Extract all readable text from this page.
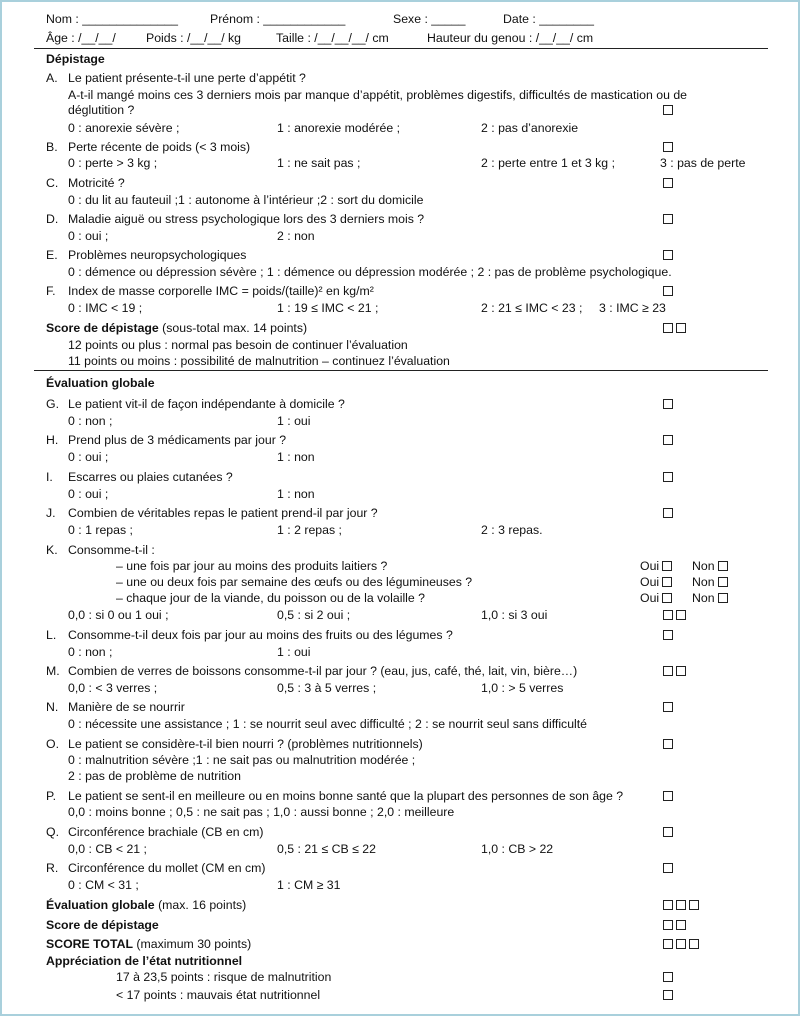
Nom : ______________	Prénom : ____________	Sexe : _____	Date : ________
Âge : /__/__/ Poids : /__/__/ kg	Taille : /__/__/__/ cm	Hauteur du genou : /__/__/ cm
Dépistage
A. Le patient présente-t-il une perte d’appétit ?
A-t-il mangé moins ces 3 derniers mois par manque d’appétit, problèmes digestifs, difficultés de mastication ou de
déglutition ?
0 : anorexie sévère ;	1 : anorexie modérée ;	2 : pas d’anorexie
B. Perte récente de poids (< 3 mois)
0 : perte > 3 kg ;	1 : ne sait pas ;	2 : perte entre 1 et 3 kg ;	3 : pas de perte
C. Motricité ?
0 : du lit au fauteuil ;1 : autonome à l’intérieur ;2 : sort du domicile
D. Maladie aiguë ou stress psychologique lors des 3 derniers mois ?
0 : oui ;	2 : non
E. Problèmes neuropsychologiques
0 : démence ou dépression sévère ; 1 : démence ou dépression modérée ; 2 : pas de problème psychologique.
F. Index de masse corporelle IMC = poids/(taille)² en kg/m²
0 : IMC < 19 ;	1 : 19 ≤ IMC < 21 ;	2 : 21 ≤ IMC < 23 ; 3 : IMC ≥ 23
Score de dépistage (sous-total max. 14 points)
12 points ou plus : normal pas besoin de continuer l’évaluation
11 points ou moins : possibilité de malnutrition – continuez l’évaluation
Évaluation globale
G. Le patient vit-il de façon indépendante à domicile ?
0 : non ;	1 : oui
H. Prend plus de 3 médicaments par jour ?
0 : oui ;	1 : non
I. Escarres ou plaies cutanées ?
0 : oui ;	1 : non
J. Combien de véritables repas le patient prend-il par jour ?
0 : 1 repas ;	1 : 2 repas ;	2 : 3 repas.
K. Consomme-t-il :
– une fois par jour au moins des produits laitiers ?	Oui	Non
– une ou deux fois par semaine des œufs ou des légumineuses ?	Oui	Non
– chaque jour de la viande, du poisson ou de la volaille ?	Oui	Non
0,0 : si 0 ou 1 oui ;	0,5 : si 2 oui ;	1,0 : si 3 oui
L. Consomme-t-il deux fois par jour au moins des fruits ou des légumes ?
0 : non ;	1 : oui
M. Combien de verres de boissons consomme-t-il par jour ? (eau, jus, café, thé, lait, vin, bière…)
0,0 : < 3 verres ;	0,5 : 3 à 5 verres ;	1,0 : > 5 verres
N. Manière de se nourrir
0 : nécessite une assistance ; 1 : se nourrit seul avec difficulté ; 2 : se nourrit seul sans difficulté
O. Le patient se considère-t-il bien nourri ? (problèmes nutritionnels)
0 : malnutrition sévère ;1 : ne sait pas ou malnutrition modérée ;
2 : pas de problème de nutrition
P. Le patient se sent-il en meilleure ou en moins bonne santé que la plupart des personnes de son âge ?
0,0 : moins bonne ; 0,5 : ne sait pas ; 1,0 : aussi bonne ; 2,0 : meilleure
Q. Circonférence brachiale (CB en cm)
0,0 : CB < 21 ;	0,5 : 21 ≤ CB ≤ 22	1,0 : CB > 22
R. Circonférence du mollet (CM en cm)
0 : CM < 31 ;	1 : CM ≥ 31
Évaluation globale (max. 16 points)
Score de dépistage
SCORE TOTAL (maximum 30 points)
Appréciation de l’état nutritionnel
17 à 23,5 points : risque de malnutrition
< 17 points : mauvais état nutritionnel
